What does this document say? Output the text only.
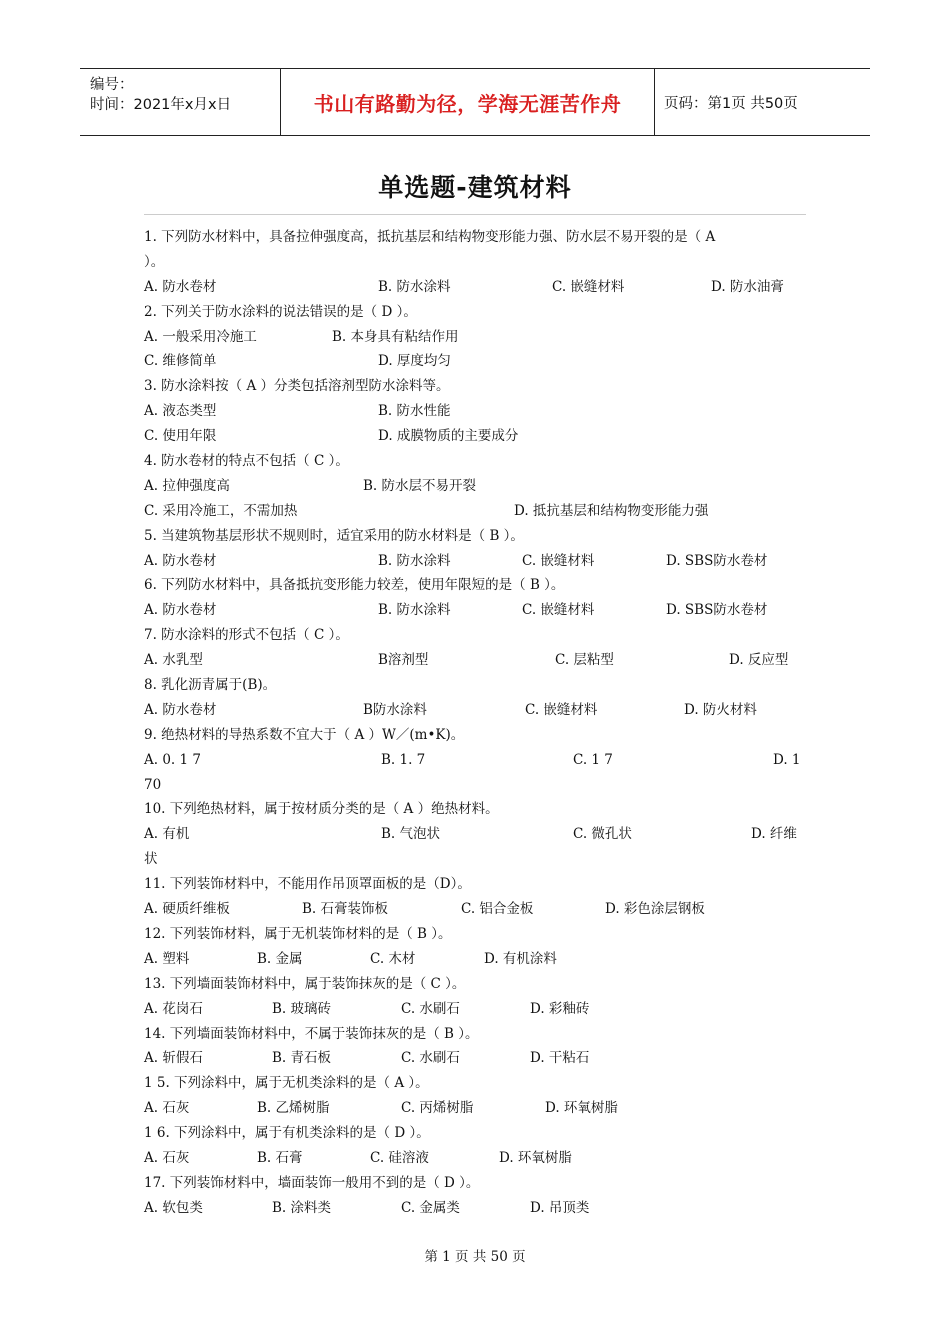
编号：
时间：2021年x月x日	书山有路勤为径，学海无涯苦作舟	页码：第1页 共50页
单选题-建筑材料
1. 下列防水材料中，具备拉伸强度高，抵抗基层和结构物变形能力强、防水层不易开裂的是（ A
）。
A. 防水卷材	B. 防水涂料	C. 嵌缝材料	D. 防水油膏
2. 下列关于防水涂料的说法错误的是（ D ）。
A. 一般采用冷施工	B. 本身具有粘结作用
C. 维修简单	D. 厚度均匀
3. 防水涂料按（ A ）分类包括溶剂型防水涂料等。
A. 液态类型	B. 防水性能
C. 使用年限	D. 成膜物质的主要成分
4. 防水卷材的特点不包括（ C ）。
A. 拉伸强度高	B. 防水层不易开裂
C. 采用冷施工，不需加热	D. 抵抗基层和结构物变形能力强
5. 当建筑物基层形状不规则时，适宜采用的防水材料是（ B ）。
A. 防水卷材	B. 防水涂料	C. 嵌缝材料	D. SBS防水卷材
6. 下列防水材料中，具备抵抗变形能力较差，使用年限短的是（ B ）。
A. 防水卷材	B. 防水涂料	C. 嵌缝材料	D. SBS防水卷材
7. 防水涂料的形式不包括（ C ）。
A. 水乳型	B溶剂型	C. 层粘型	D. 反应型
8. 乳化沥青属于(B)。
A. 防水卷材	B防水涂料	C. 嵌缝材料	D. 防火材料
9. 绝热材料的导热系数不宜大于（ A ）W／(m•K)。
A. 0. 1 7	B. 1. 7	C. 1 7	D. 1
70
10. 下列绝热材料，属于按材质分类的是（ A ）绝热材料。
A. 有机	B. 气泡状	C. 微孔状	D. 纤维
状
11. 下列装饰材料中，不能用作吊顶罩面板的是（D）。
A. 硬质纤维板	B. 石膏装饰板	C. 铝合金板	D. 彩色涂层钢板
12. 下列装饰材料，属于无机装饰材料的是（ B ）。
A. 塑料	B. 金属	C. 木材	D. 有机涂料
13. 下列墙面装饰材料中，属于装饰抹灰的是（ C ）。
A. 花岗石	B. 玻璃砖	C. 水刷石	D. 彩釉砖
14. 下列墙面装饰材料中，不属于装饰抹灰的是（ B ）。
A. 斩假石	B. 青石板	C. 水刷石	D. 干粘石
1 5. 下列涂料中，属于无机类涂料的是（ A ）。
A. 石灰	B. 乙烯树脂	C. 丙烯树脂	D. 环氧树脂
1 6. 下列涂料中，属于有机类涂料的是（ D ）。
A. 石灰	B. 石膏	C. 硅溶液	D. 环氧树脂
17. 下列装饰材料中，墙面装饰一般用不到的是（ D ）。
A. 软包类	B. 涂料类	C. 金属类	D. 吊顶类
第 1 页 共 50 页
